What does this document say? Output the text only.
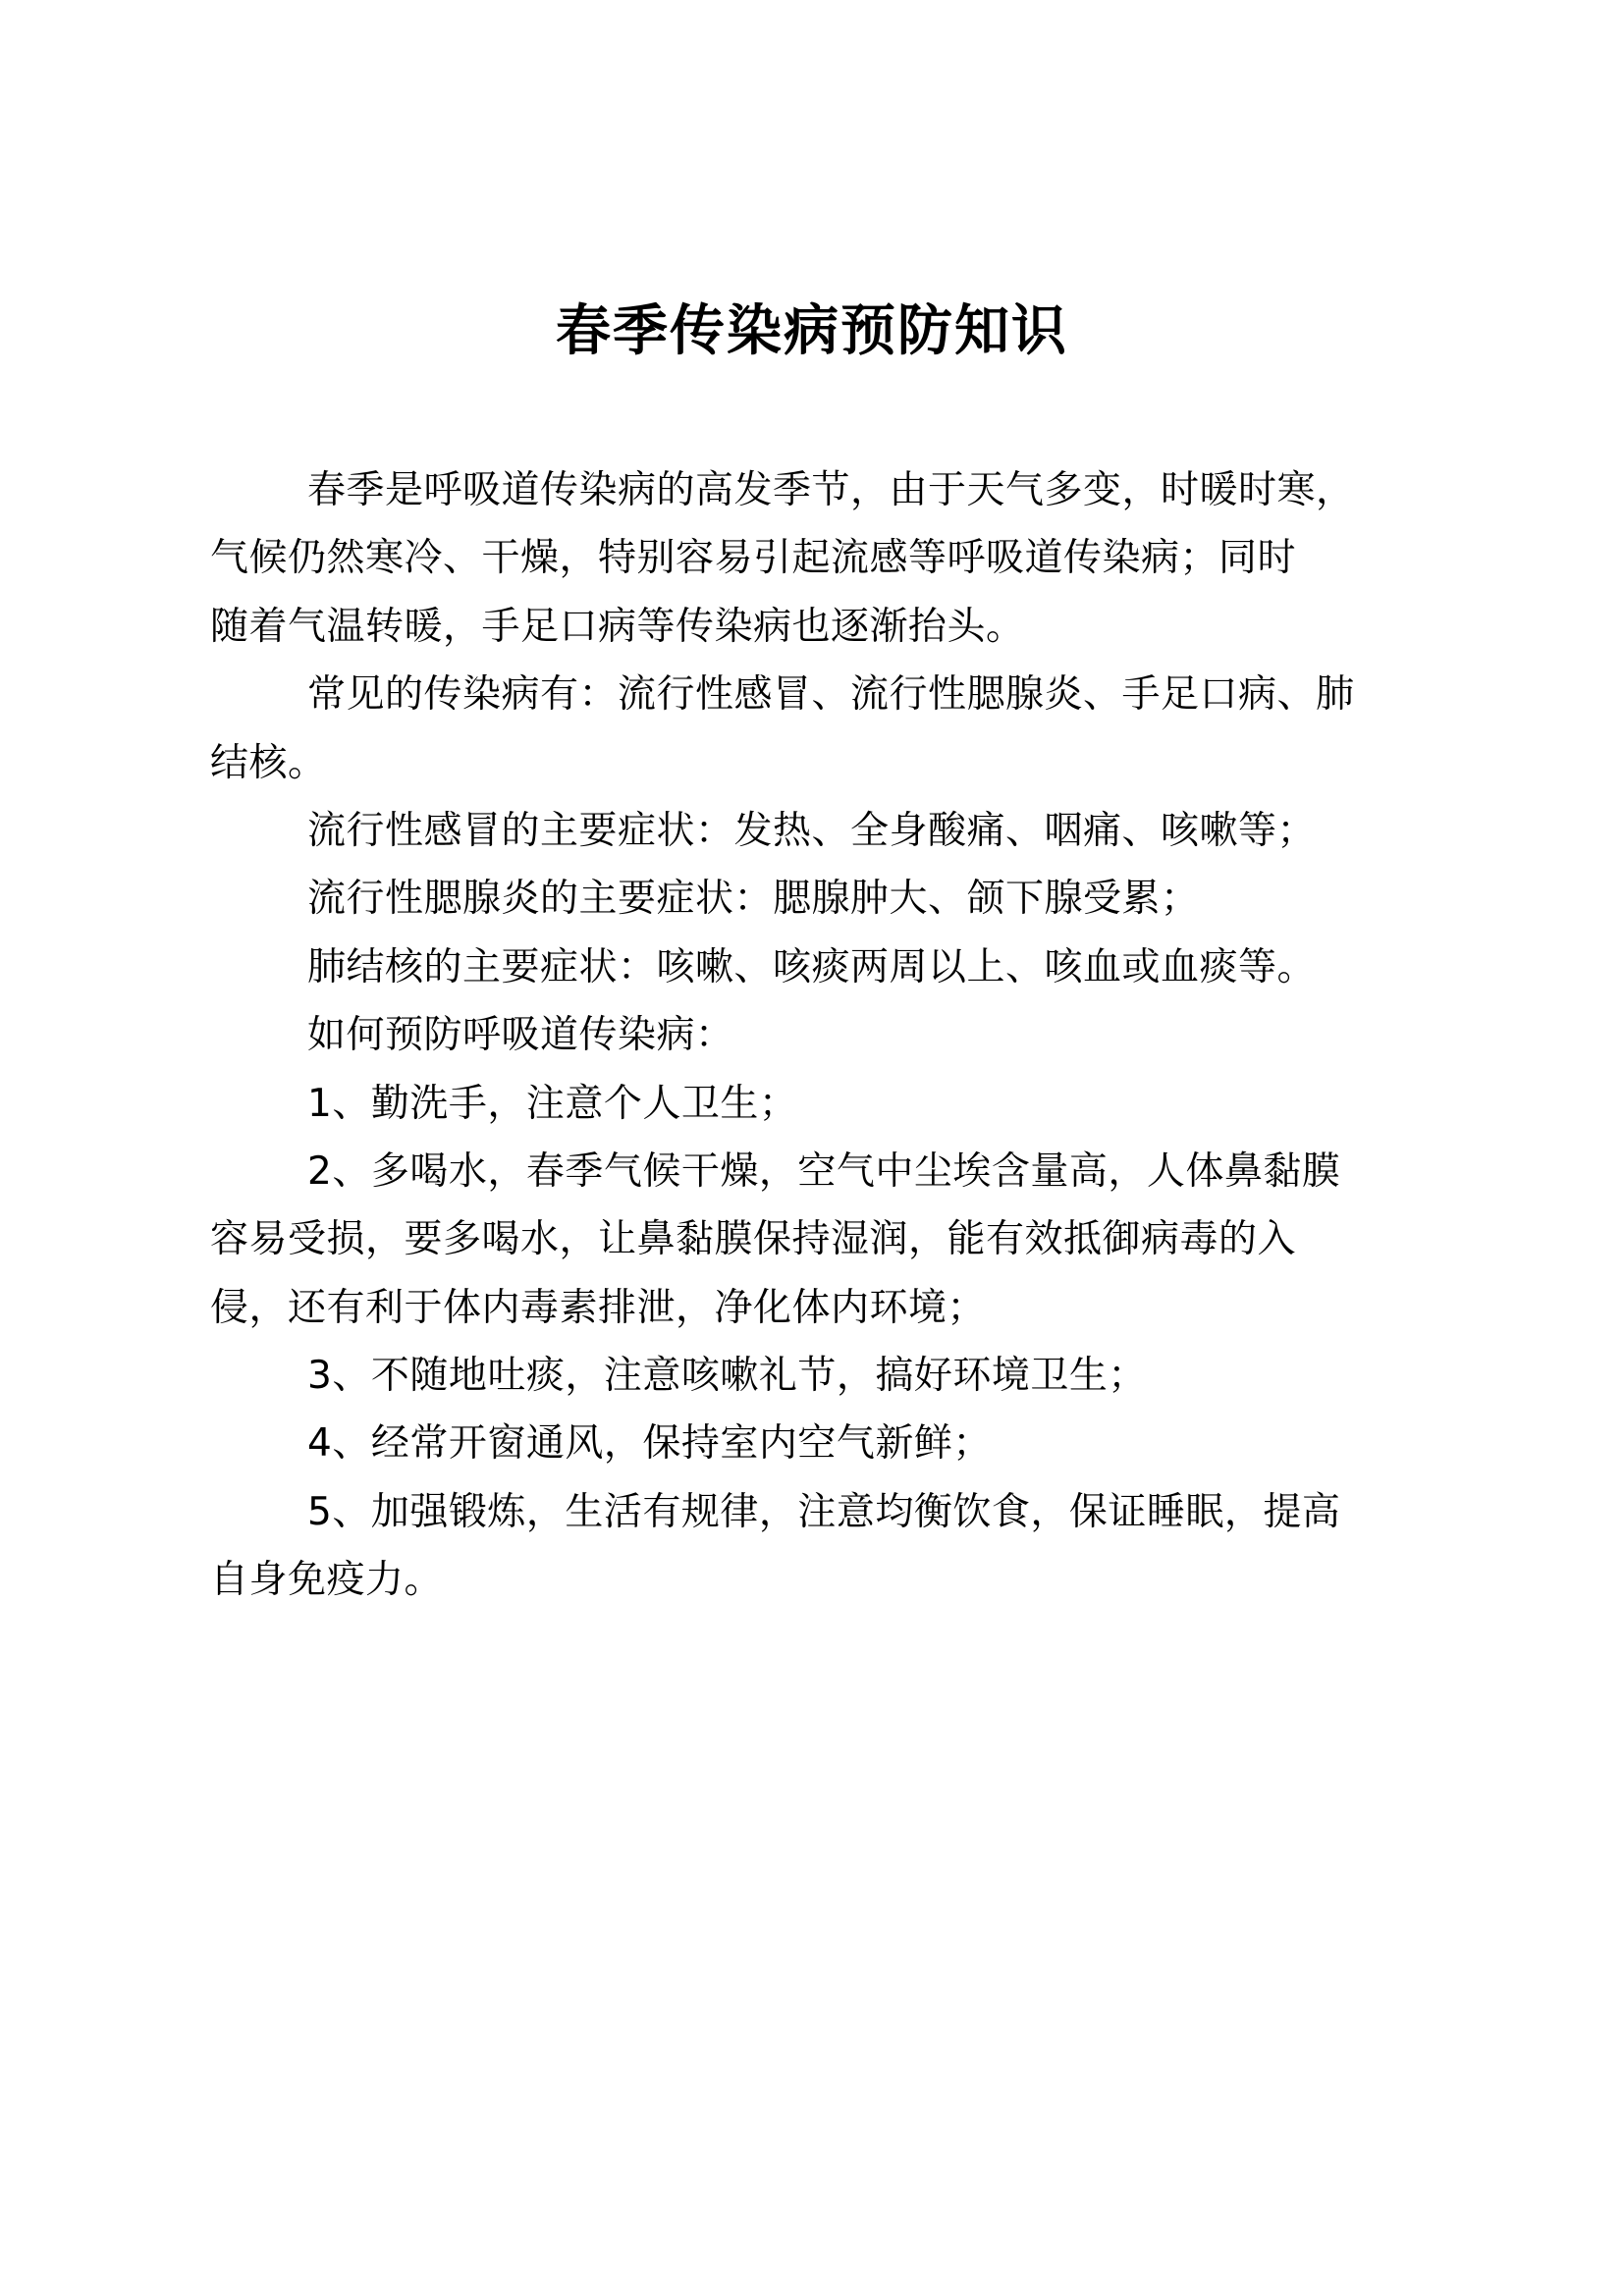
春季传染病预防知识
春季是呼吸道传染病的高发季节，由于天气多变，时暖时寒，
气候仍然寒冷、干燥，特别容易引起流感等呼吸道传染病；同时
随着气温转暖，手足口病等传染病也逐渐抬头。
常见的传染病有：流行性感冒、流行性腮腺炎、手足口病、肺
结核。
流行性感冒的主要症状：发热、全身酸痛、咽痛、咳嗽等；
流行性腮腺炎的主要症状：腮腺肿大、颌下腺受累；
肺结核的主要症状：咳嗽、咳痰两周以上、咳血或血痰等。
如何预防呼吸道传染病：
1、勤洗手，注意个人卫生；
2、多喝水，春季气候干燥，空气中尘埃含量高，人体鼻黏膜
容易受损，要多喝水，让鼻黏膜保持湿润，能有效抵御病毒的入
侵，还有利于体内毒素排泄，净化体内环境；
3、不随地吐痰，注意咳嗽礼节，搞好环境卫生；
4、经常开窗通风，保持室内空气新鲜；
5、加强锻炼，生活有规律，注意均衡饮食，保证睡眠，提高
自身免疫力。
